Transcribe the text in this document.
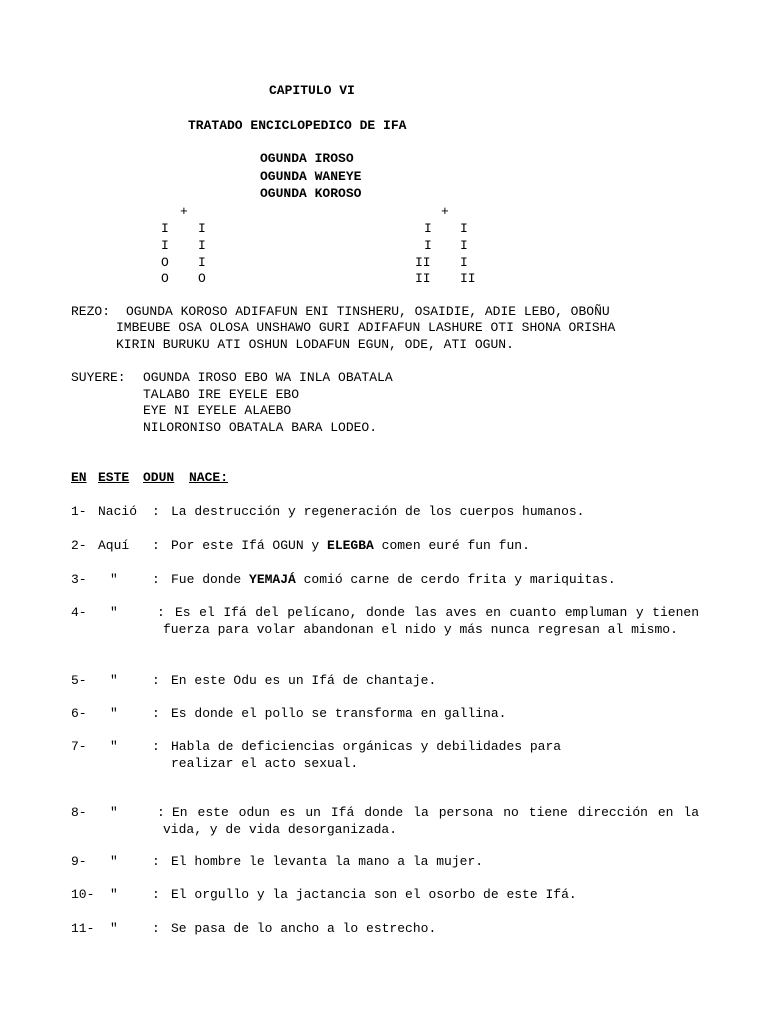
CAPITULO VI
TRATADO ENCICLOPEDICO DE IFA
OGUNDA IROSO
OGUNDA WANEYE
OGUNDA KOROSO
+
I I
I I
O I
O O
+
I I
I I
II I
II II
REZO: OGUNDA KOROSO ADIFAFUN ENI TINSHERU, OSAIDIE, ADIE LEBO, OBOÑU
IMBEUBE OSA OLOSA UNSHAWO GURI ADIFAFUN LASHURE OTI SHONA ORISHA
KIRIN BURUKU ATI OSHUN LODAFUN EGUN, ODE, ATI OGUN.
SUYERE: OGUNDA IROSO EBO WA INLA OBATALA
TALABO IRE EYELE EBO
EYE NI EYELE ALAEBO
NILORONISO OBATALA BARA LODEO.
EN ESTE ODUN NACE:
1- Nació : La destrucción y regeneración de los cuerpos humanos.
2- Aquí : Por este Ifá OGUN y ELEGBA comen euré fun fun.
3- "	: Fue donde YEMAJÁ comió carne de cerdo frita y mariquitas.
4- "	: Es el Ifá del pelícano, donde las aves en cuanto empluman y tienen fuerza para volar abandonan el nido y más nunca regresan al mismo.
5- "	: En este Odu es un Ifá de chantaje.
6- "	: Es donde el pollo se transforma en gallina.
7- "	: Habla de deficiencias orgánicas y debilidades para
realizar el acto sexual.
8- "	: En este odun es un Ifá donde la persona no tiene dirección en la vida, y de vida desorganizada.
9- "	: El hombre le levanta la mano a la mujer.
10- "	: El orgullo y la jactancia son el osorbo de este Ifá.
11- "	: Se pasa de lo ancho a lo estrecho.
